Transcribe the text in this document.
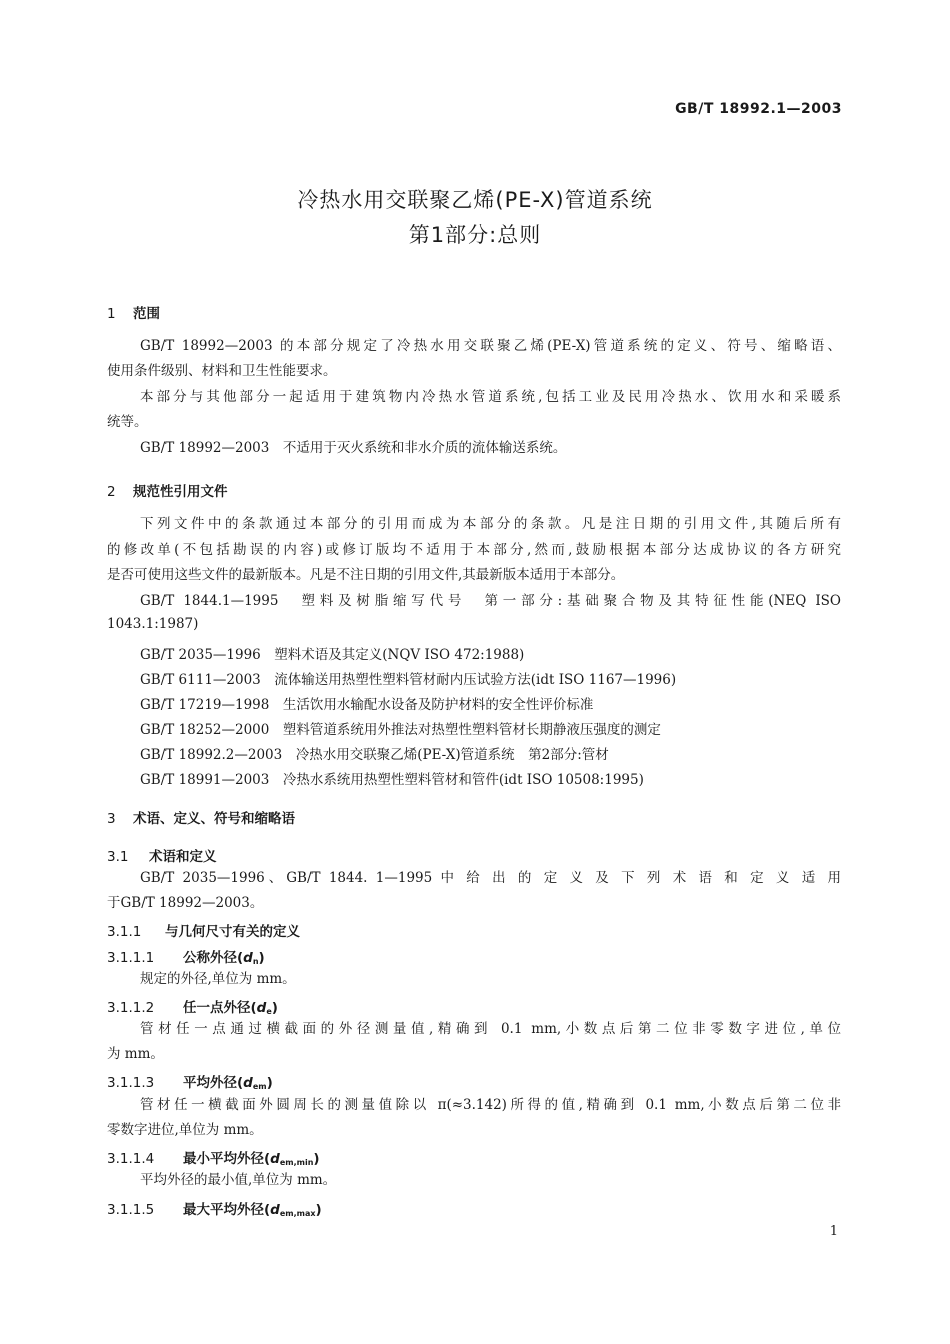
GB/T 18992.1—2003
冷热水用交联聚乙烯(PE-X)管道系统
第1部分:总则
1 范围
GB/T 18992—2003 的本部分规定了冷热水用交联聚乙烯(PE-X)管道系统的定义、符号、缩略语、
使用条件级别、材料和卫生性能要求。
本部分与其他部分一起适用于建筑物内冷热水管道系统,包括工业及民用冷热水、饮用水和采暖系
统等。
GB/T 18992—2003　不适用于灭火系统和非水介质的流体输送系统。
2 规范性引用文件
下列文件中的条款通过本部分的引用而成为本部分的条款。凡是注日期的引用文件,其随后所有
的修改单(不包括勘误的内容)或修订版均不适用于本部分,然而,鼓励根据本部分达成协议的各方研究
是否可使用这些文件的最新版本。凡是不注日期的引用文件,其最新版本适用于本部分。
GB/T 1844.1—1995　塑料及树脂缩写代号　第一部分:基础聚合物及其特征性能(NEQ ISO
1043.1:1987)
GB/T 2035—1996　塑料术语及其定义(NQV ISO 472:1988)
GB/T 6111—2003　流体输送用热塑性塑料管材耐内压试验方法(idt ISO 1167—1996)
GB/T 17219—1998　生活饮用水输配水设备及防护材料的安全性评价标准
GB/T 18252—2000　塑料管道系统用外推法对热塑性塑料管材长期静液压强度的测定
GB/T 18992.2—2003　冷热水用交联聚乙烯(PE-X)管道系统　第2部分:管材
GB/T 18991—2003　冷热水系统用热塑性塑料管材和管件(idt ISO 10508:1995)
3 术语、定义、符号和缩略语
3.1 术语和定义
GB/T 2035—1996、GB/T 1844. 1—1995 中 给 出 的 定 义 及 下 列 术 语 和 定 义 适 用
于GB/T 18992—2003。
3.1.1 与几何尺寸有关的定义
3.1.1.1 公称外径$(d_n)$
规定的外径,单位为 mm。
3.1.1.2 任一点外径$(d_e)$
管材任一点通过横截面的外径测量值,精确到 0.1 mm,小数点后第二位非零数字进位,单位
为 mm。
3.1.1.3 平均外径$(d_{em})$
管材任一横截面外圆周长的测量值除以 π(≈3.142)所得的值,精确到 0.1 mm,小数点后第二位非
零数字进位,单位为 mm。
3.1.1.4 最小平均外径$(d_{em,min})$
平均外径的最小值,单位为 mm。
3.1.1.5 最大平均外径$(d_{em,max})$
1
